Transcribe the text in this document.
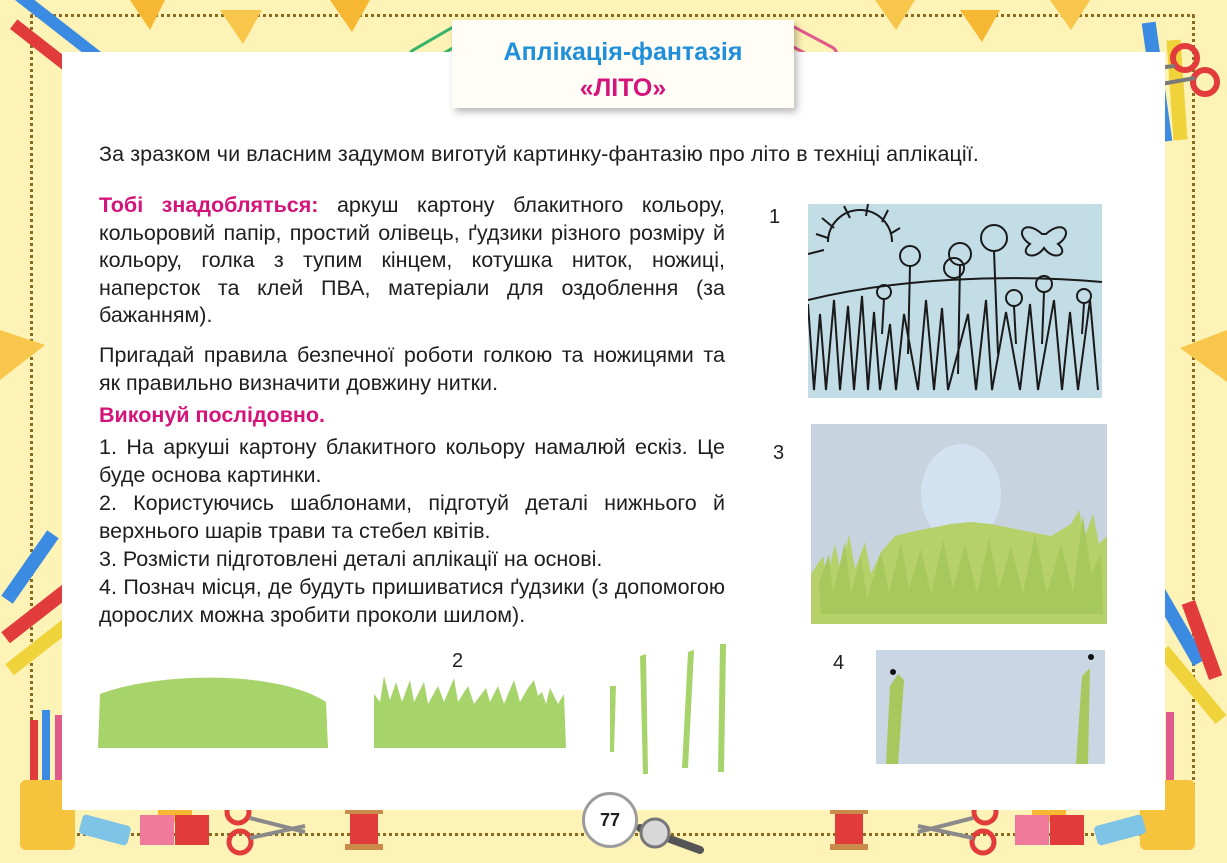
Аплікація-фантазія
«ЛІТО»
За зразком чи власним задумом виготуй картинку-фантазію про літо в техніці аплікації.
Тобі знадобляться: аркуш картону блакитного кольору, кольоровий папір, простий олівець, ґудзики різного розміру й кольору, голка з тупим кінцем, котушка ниток, ножиці, наперсток та клей ПВА, матеріали для оздоблення (за бажанням).
Пригадай правила безпечної роботи голкою та ножицями та як правильно визначити довжину нитки.
Виконуй послідовно.
1. На аркуші картону блакитного кольору намалюй ескіз. Це буде основа картинки.
2. Користуючись шаблонами, підготуй деталі нижнього й верхнього шарів трави та стебел квітів.
3. Розмісти підготовлені деталі аплікації на основі.
4. Познач місця, де будуть пришиватися ґудзики (з допомогою дорослих можна зробити проколи шилом).
1
2
3
4
77
